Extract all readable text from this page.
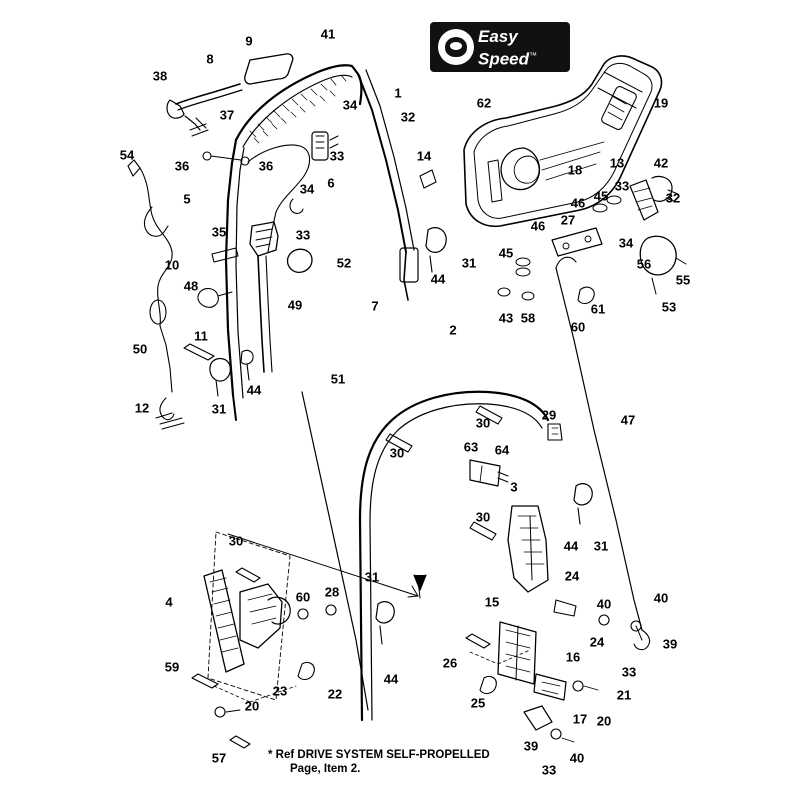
Easy
Speed™
* Ref DRIVE SYSTEM SELF-PROPELLED
Page, Item 2.
38
8
9	41
1
34
37	32
36	36
33	14
54
5
34 6
35	33
31
44
10	52
48
49	7
50
11	2
44
51
31
12
30
30	63 64
29	47
3
30
44 31
30
4	60 28
31	24
40	40
15
59
23	22
44
26
25
16
24	39
33
21
20
17
20
57
39
33
40
62	19
18 13 42
33
45
46	32
27
46
34
45
56
55
53
43 58
61
60
